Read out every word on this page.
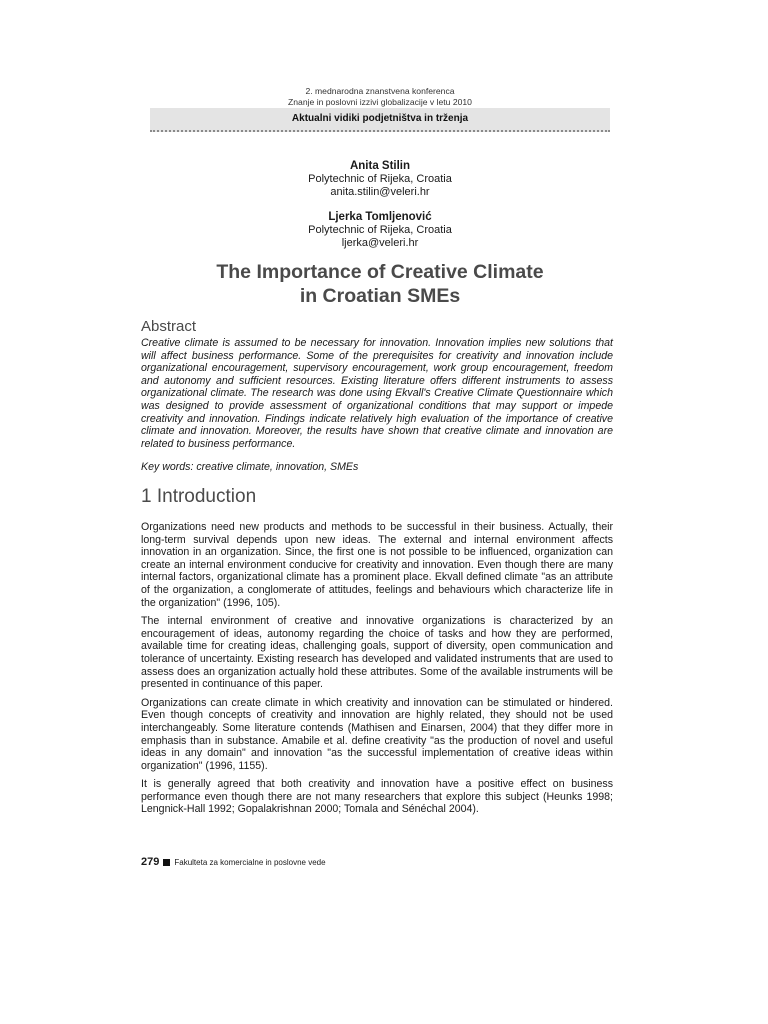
2. mednarodna znanstvena konferenca
Znanje in poslovni izzivi globalizacije v letu 2010
Aktualni vidiki podjetništva in trženja
Anita Stilin
Polytechnic of Rijeka, Croatia
anita.stilin@veleri.hr
Ljerka Tomljenović
Polytechnic of Rijeka, Croatia
ljerka@veleri.hr
The Importance of Creative Climate
in Croatian SMEs
Abstract

Creative climate is assumed to be necessary for innovation. Innovation implies new solutions that will affect business performance. Some of the prerequisites for creativity and innovation include organizational encouragement, supervisory encouragement, work group encouragement, freedom and autonomy and sufficient resources. Existing literature offers different instruments to assess organizational climate. The research was done using Ekvall's Creative Climate Questionnaire which was designed to provide assessment of organizational conditions that may support or impede creativity and innovation. Findings indicate relatively high evaluation of the importance of creative climate and innovation. Moreover, the results have shown that creative climate and innovation are related to business performance.

Key words: creative climate, innovation, SMEs
1 Introduction

Organizations need new products and methods to be successful in their business. Actually, their long-term survival depends upon new ideas. The external and internal environment affects innovation in an organization. Since, the first one is not possible to be influenced, organization can create an internal environment conducive for creativity and innovation. Even though there are many internal factors, organizational climate has a prominent place. Ekvall defined climate "as an attribute of the organization, a conglomerate of attitudes, feelings and behaviours which characterize life in the organization" (1996, 105).

The internal environment of creative and innovative organizations is characterized by an encouragement of ideas, autonomy regarding the choice of tasks and how they are performed, available time for creating ideas, challenging goals, support of diversity, open communication and tolerance of uncertainty. Existing research has developed and validated instruments that are used to assess does an organization actually hold these attributes. Some of the available instruments will be presented in continuance of this paper.

Organizations can create climate in which creativity and innovation can be stimulated or hindered. Even though concepts of creativity and innovation are highly related, they should not be used interchangeably. Some literature contends (Mathisen and Einarsen, 2004) that they differ more in emphasis than in substance. Amabile et al. define creativity "as the production of novel and useful ideas in any domain" and innovation "as the successful implementation of creative ideas within organization" (1996, 1155).

It is generally agreed that both creativity and innovation have a positive effect on business performance even though there are not many researchers that explore this subject (Heunks 1998; Lengnick-Hall 1992; Gopalakrishnan 2000; Tomala and Sénéchal 2004).

279 Fakulteta za komercialne in poslovne vede
